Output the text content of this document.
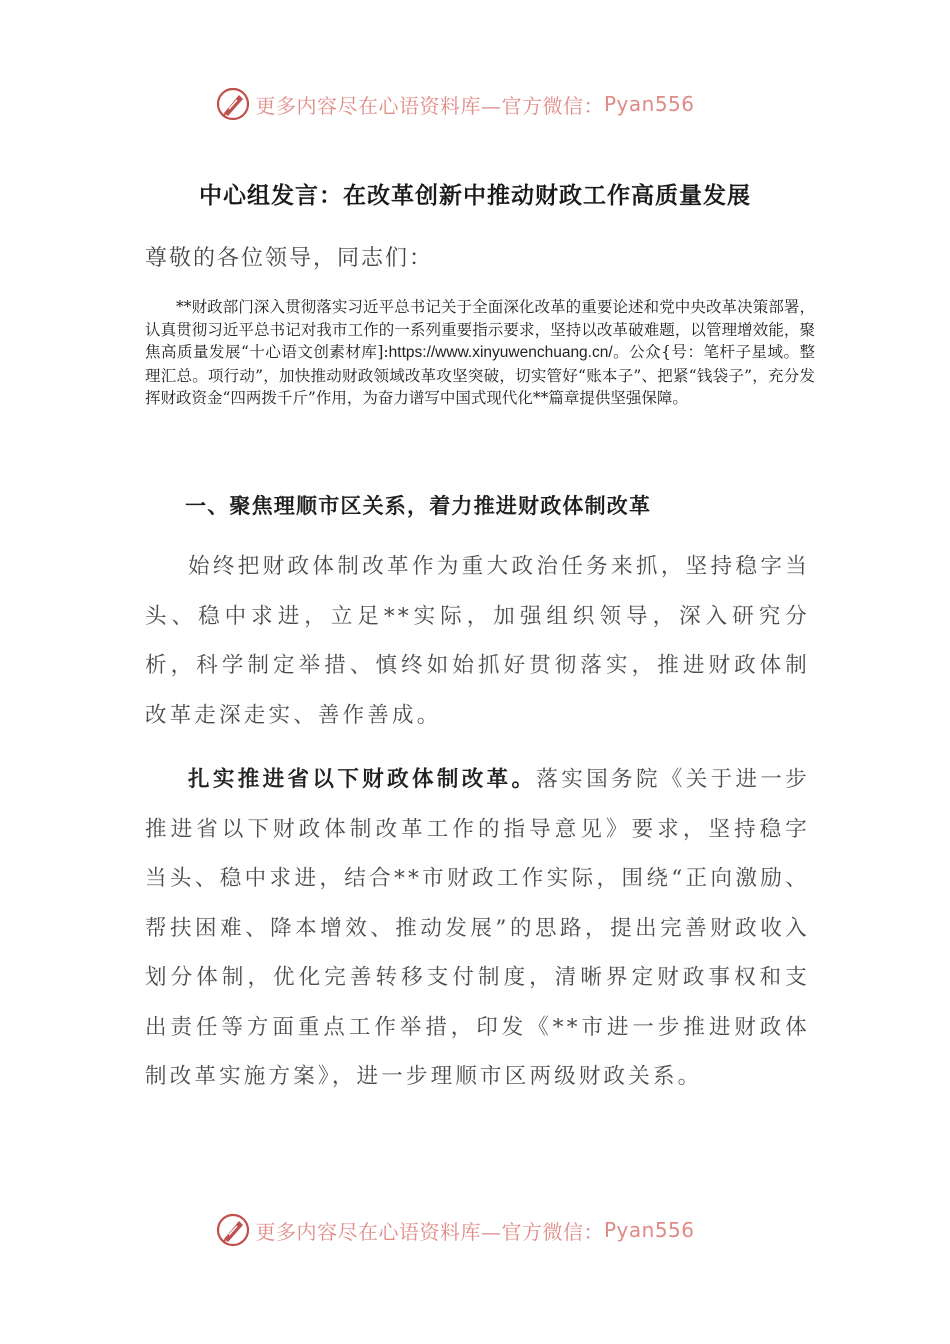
更多内容尽在心语资料库—官方微信： Pyan556
中心组发言：在改革创新中推动财政工作高质量发展
尊敬的各位领导，同志们：

**财政部门深入贯彻落实习近平总书记关于全面深化改革的重要论述和党中央改革决策部署，认真贯彻习近平总书记对我市工作的一系列重要指示要求，坚持以改革破难题，以管理增效能，聚焦高质量发展“十心语文创素材库]:https://www.xinyuwenchuang.cn/。公众{号：笔杆子星域。整理汇总。项行动”，加快推动财政领域改革攻坚突破，切实管好“账本子”、把紧“钱袋子”，充分发挥财政资金“四两拨千斤”作用，为奋力谱写中国式现代化**篇章提供坚强保障。

一、聚焦理顺市区关系，着力推进财政体制改革

始终把财政体制改革作为重大政治任务来抓，坚持稳字当头、稳中求进，立足**实际，加强组织领导，深入研究分析，科学制定举措、慎终如始抓好贯彻落实，推进财政体制改革走深走实、善作善成。

扎实推进省以下财政体制改革。落实国务院《关于进一步推进省以下财政体制改革工作的指导意见》要求，坚持稳字当头、稳中求进，结合**市财政工作实际，围绕“正向激励、帮扶困难、降本增效、推动发展”的思路，提出完善财政收入划分体制，优化完善转移支付制度，清晰界定财政事权和支出责任等方面重点工作举措，印发《**市进一步推进财政体制改革实施方案》，进一步理顺市区两级财政关系。

更多内容尽在心语资料库—官方微信： Pyan556
